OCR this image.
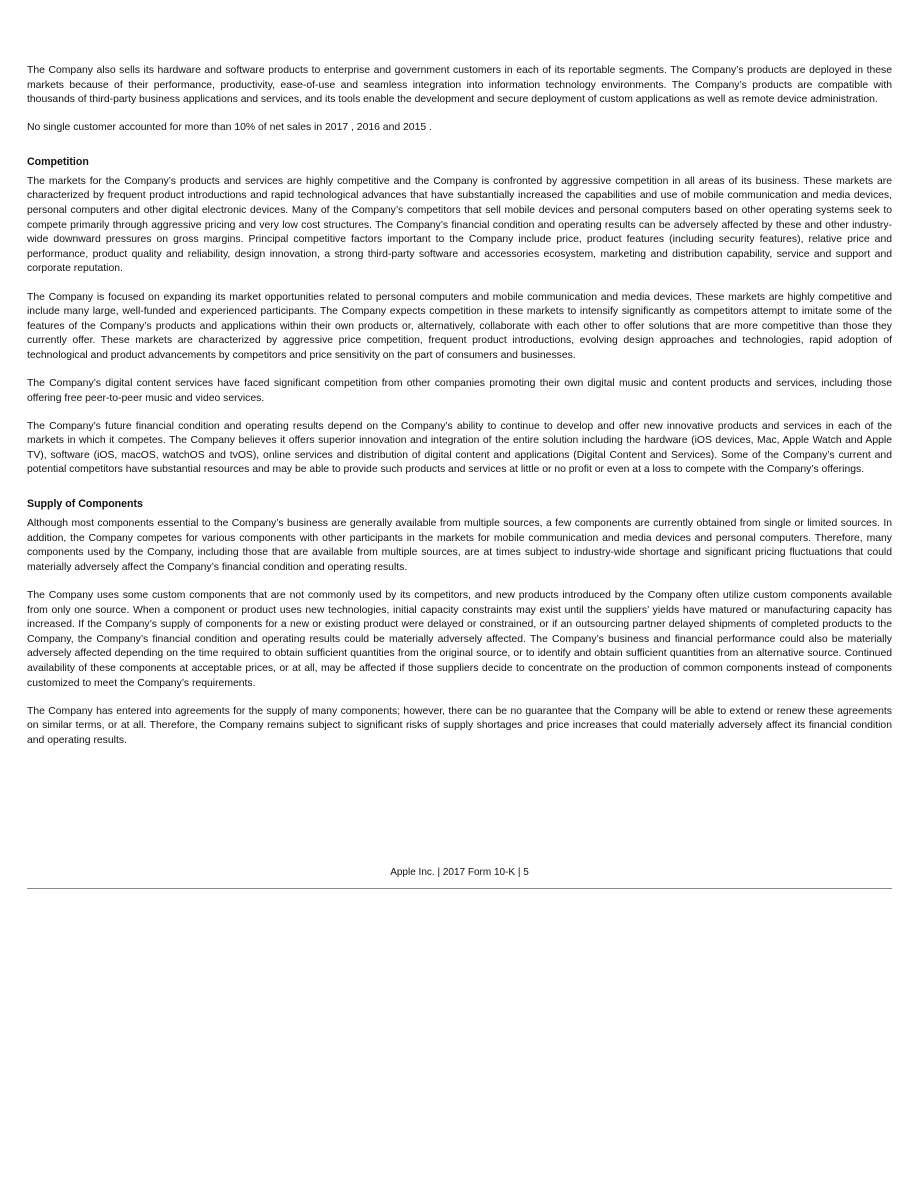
The Company also sells its hardware and software products to enterprise and government customers in each of its reportable segments. The Company’s products are deployed in these markets because of their performance, productivity, ease-of-use and seamless integration into information technology environments. The Company’s products are compatible with thousands of third-party business applications and services, and its tools enable the development and secure deployment of custom applications as well as remote device administration.

No single customer accounted for more than 10% of net sales in 2017 , 2016 and 2015 .

Competition

The markets for the Company’s products and services are highly competitive and the Company is confronted by aggressive competition in all areas of its business. These markets are characterized by frequent product introductions and rapid technological advances that have substantially increased the capabilities and use of mobile communication and media devices, personal computers and other digital electronic devices. Many of the Company’s competitors that sell mobile devices and personal computers based on other operating systems seek to compete primarily through aggressive pricing and very low cost structures. The Company’s financial condition and operating results can be adversely affected by these and other industry-wide downward pressures on gross margins. Principal competitive factors important to the Company include price, product features (including security features), relative price and performance, product quality and reliability, design innovation, a strong third-party software and accessories ecosystem, marketing and distribution capability, service and support and corporate reputation.

The Company is focused on expanding its market opportunities related to personal computers and mobile communication and media devices. These markets are highly competitive and include many large, well-funded and experienced participants. The Company expects competition in these markets to intensify significantly as competitors attempt to imitate some of the features of the Company’s products and applications within their own products or, alternatively, collaborate with each other to offer solutions that are more competitive than those they currently offer. These markets are characterized by aggressive price competition, frequent product introductions, evolving design approaches and technologies, rapid adoption of technological and product advancements by competitors and price sensitivity on the part of consumers and businesses.

The Company’s digital content services have faced significant competition from other companies promoting their own digital music and content products and services, including those offering free peer-to-peer music and video services.

The Company’s future financial condition and operating results depend on the Company’s ability to continue to develop and offer new innovative products and services in each of the markets in which it competes. The Company believes it offers superior innovation and integration of the entire solution including the hardware (iOS devices, Mac, Apple Watch and Apple TV), software (iOS, macOS, watchOS and tvOS), online services and distribution of digital content and applications (Digital Content and Services). Some of the Company’s current and potential competitors have substantial resources and may be able to provide such products and services at little or no profit or even at a loss to compete with the Company’s offerings.

Supply of Components

Although most components essential to the Company’s business are generally available from multiple sources, a few components are currently obtained from single or limited sources. In addition, the Company competes for various components with other participants in the markets for mobile communication and media devices and personal computers. Therefore, many components used by the Company, including those that are available from multiple sources, are at times subject to industry-wide shortage and significant pricing fluctuations that could materially adversely affect the Company’s financial condition and operating results.

The Company uses some custom components that are not commonly used by its competitors, and new products introduced by the Company often utilize custom components available from only one source. When a component or product uses new technologies, initial capacity constraints may exist until the suppliers’ yields have matured or manufacturing capacity has increased. If the Company’s supply of components for a new or existing product were delayed or constrained, or if an outsourcing partner delayed shipments of completed products to the Company, the Company’s financial condition and operating results could be materially adversely affected. The Company’s business and financial performance could also be materially adversely affected depending on the time required to obtain sufficient quantities from the original source, or to identify and obtain sufficient quantities from an alternative source. Continued availability of these components at acceptable prices, or at all, may be affected if those suppliers decide to concentrate on the production of common components instead of components customized to meet the Company’s requirements.

The Company has entered into agreements for the supply of many components; however, there can be no guarantee that the Company will be able to extend or renew these agreements on similar terms, or at all. Therefore, the Company remains subject to significant risks of supply shortages and price increases that could materially adversely affect its financial condition and operating results.

Apple Inc. | 2017 Form 10-K | 5
